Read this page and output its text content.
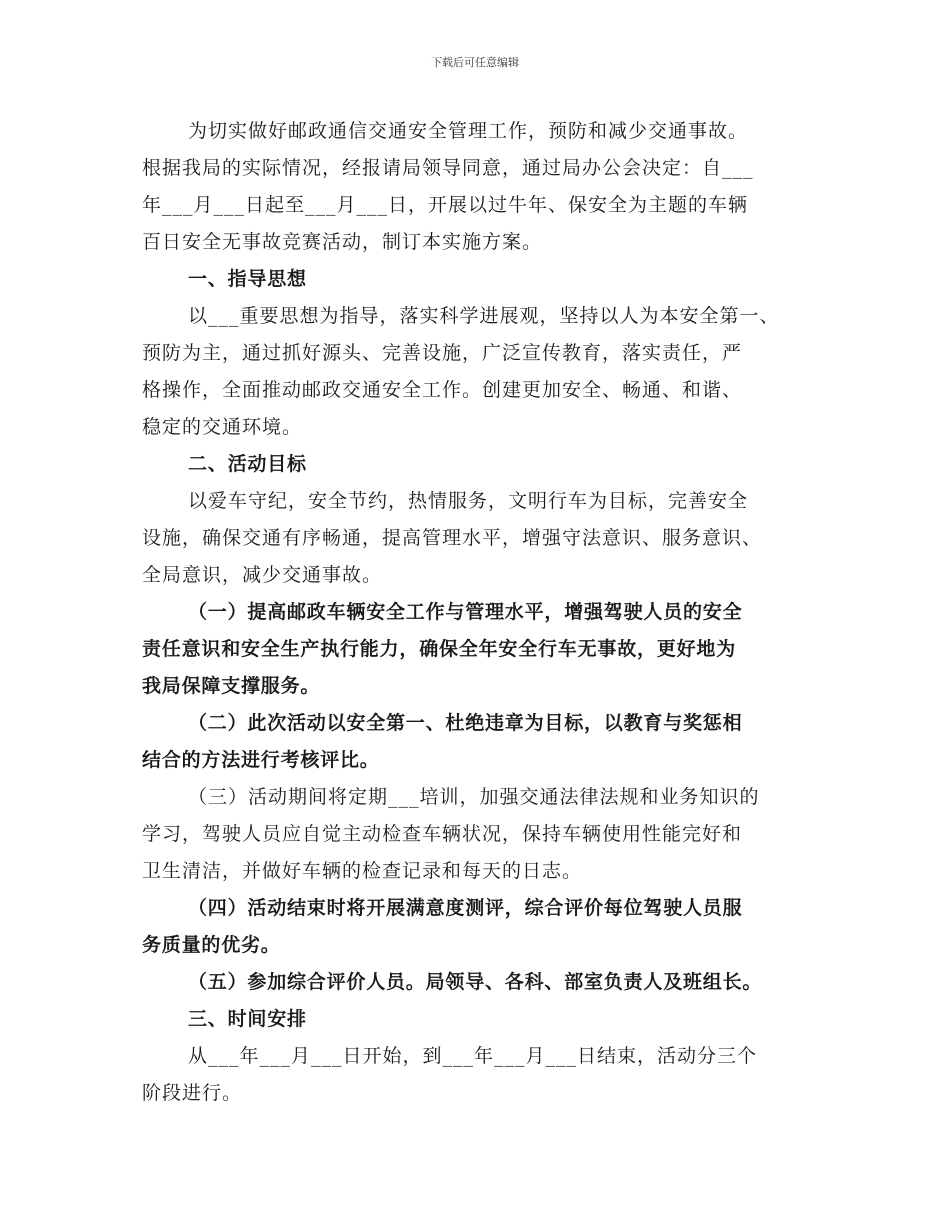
下载后可任意编辑
为切实做好邮政通信交通安全管理工作，预防和减少交通事故。
根据我局的实际情况，经报请局领导同意，通过局办公会决定：自___
年___月___日起至___月___日，开展以过牛年、保安全为主题的车辆
百日安全无事故竞赛活动，制订本实施方案。
一、指导思想
以___重要思想为指导，落实科学进展观，坚持以人为本安全第一、
预防为主，通过抓好源头、完善设施，广泛宣传教育，落实责任，严
格操作，全面推动邮政交通安全工作。创建更加安全、畅通、和谐、
稳定的交通环境。
二、活动目标
以爱车守纪，安全节约，热情服务，文明行车为目标，完善安全
设施，确保交通有序畅通，提高管理水平，增强守法意识、服务意识、
全局意识，减少交通事故。
（一）提高邮政车辆安全工作与管理水平，增强驾驶人员的安全
责任意识和安全生产执行能力，确保全年安全行车无事故，更好地为
我局保障支撑服务。
（二）此次活动以安全第一、杜绝违章为目标，以教育与奖惩相
结合的方法进行考核评比。
（三）活动期间将定期___培训，加强交通法律法规和业务知识的
学习，驾驶人员应自觉主动检查车辆状况，保持车辆使用性能完好和
卫生清洁，并做好车辆的检查记录和每天的日志。
（四）活动结束时将开展满意度测评，综合评价每位驾驶人员服
务质量的优劣。
（五）参加综合评价人员。局领导、各科、部室负责人及班组长。
三、时间安排
从___年___月___日开始，到___年___月___日结束，活动分三个
阶段进行。
